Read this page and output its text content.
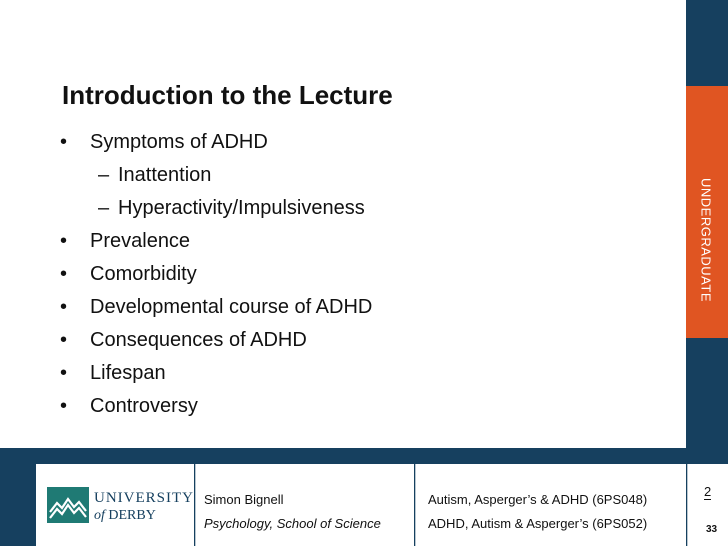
UNDERGRADUATE
Introduction to the Lecture
• Symptoms of ADHD
– Inattention
– Hyperactivity/Impulsiveness
• Prevalence
• Comorbidity
• Developmental course of ADHD
• Consequences of ADHD
• Lifespan
• Controversy
UNIVERSITY
of DERBY
Simon Bignell
Psychology, School of Science
Autism, Asperger’s & ADHD (6PS048)
ADHD, Autism & Asperger’s (6PS052)
2
33
